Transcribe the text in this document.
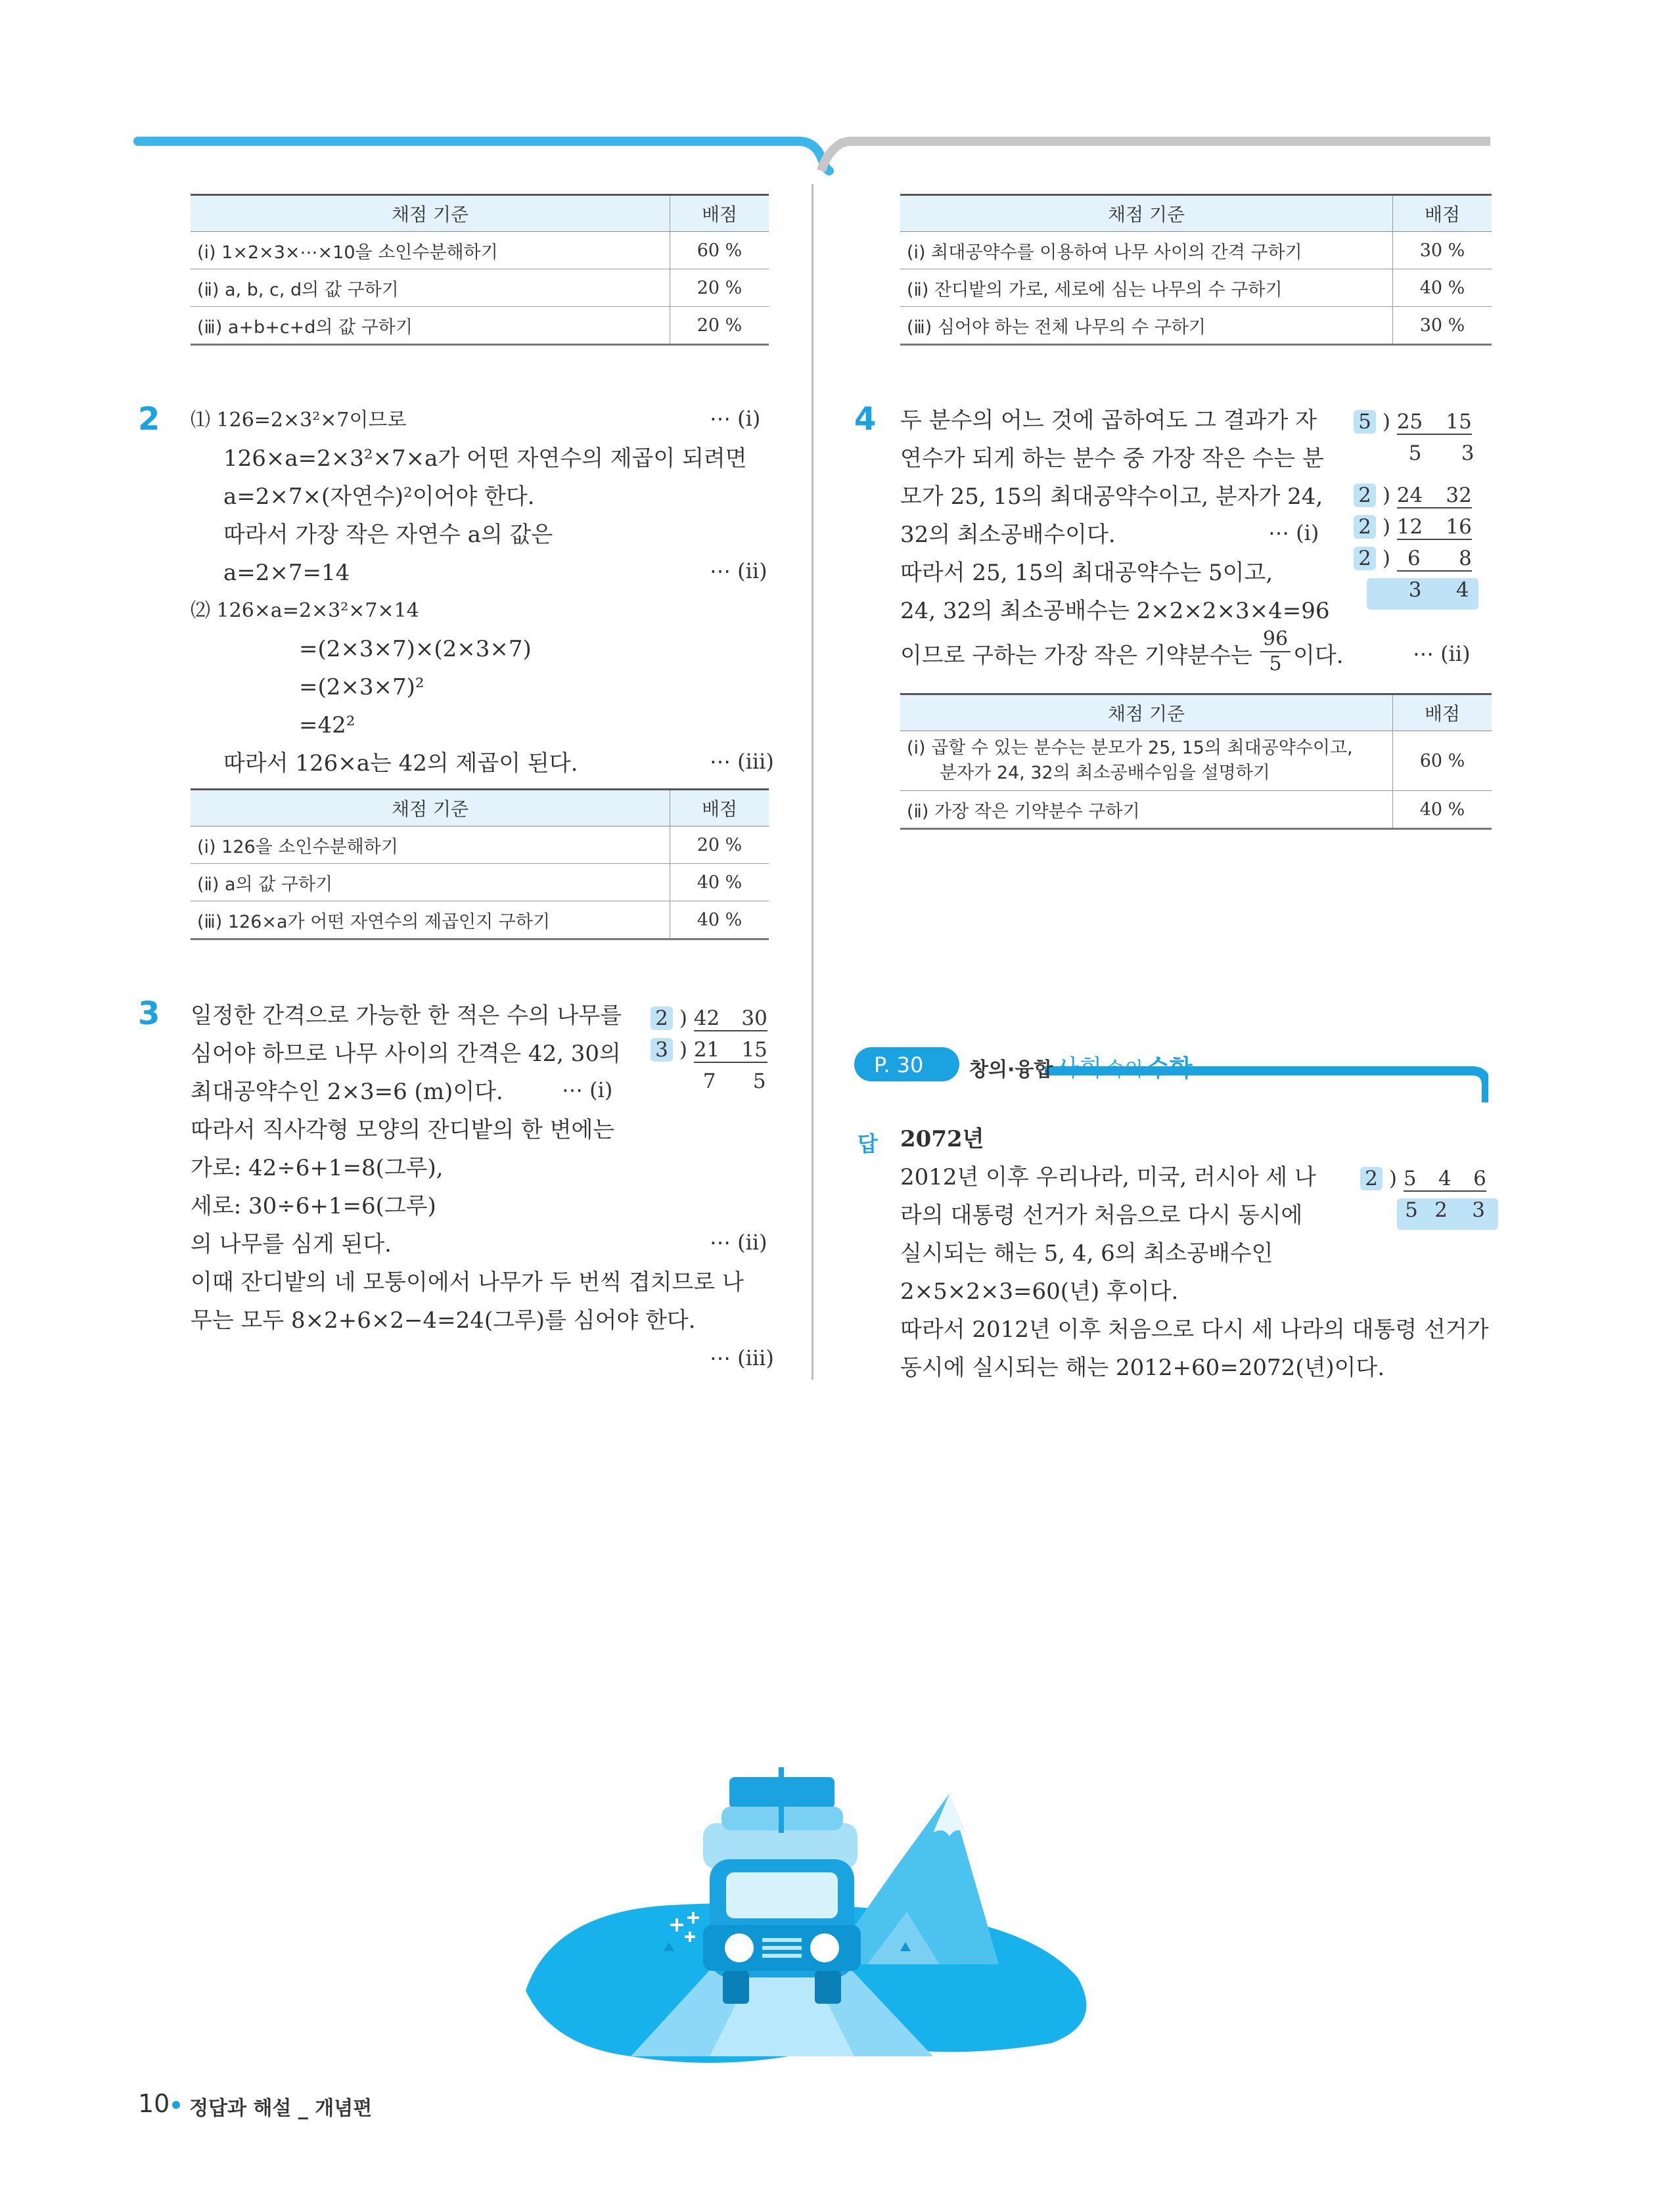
채점 기준	배점
(ⅰ) 1×2×3×⋯×10을 소인수분해하기	60 %
(ⅱ) a, b, c, d의 값 구하기	20 %
(ⅲ) a+b+c+d의 값 구하기	20 %
2 ⑴ 126=2×3²×7이므로	⋯ (ⅰ)
126×a=2×3²×7×a가 어떤 자연수의 제곱이 되려면
a=2×7×(자연수)²이어야 한다.
따라서 가장 작은 자연수 a의 값은
a=2×7=14	⋯ (ⅱ)
⑵ 126×a=2×3²×7×14
=(2×3×7)×(2×3×7)
=(2×3×7)²
=42²
따라서 126×a는 42의 제곱이 된다.	⋯ (ⅲ)
채점 기준	배점
(ⅰ) 126을 소인수분해하기	20 %
(ⅱ) a의 값 구하기	40 %
(ⅲ) 126×a가 어떤 자연수의 제곱인지 구하기	40 %
3 일정한 간격으로 가능한 한 적은 수의 나무를
심어야 하므로 나무 사이의 간격은 42, 30의
최대공약수인 2×3=6 (m)이다.	⋯ (ⅰ)
따라서 직사각형 모양의 잔디밭의 한 변에는
가로: 42÷6+1=8(그루),
세로: 30÷6+1=6(그루)
의 나무를 심게 된다.	⋯ (ⅱ)
이때 잔디밭의 네 모퉁이에서 나무가 두 번씩 겹치므로 나
무는 모두 8×2+6×2−4=24(그루)를 심어야 한다.
⋯ (ⅲ)
2 ) 42 30
3 ) 21 15
7 5
채점 기준	배점
(ⅰ) 최대공약수를 이용하여 나무 사이의 간격 구하기	30 %
(ⅱ) 잔디밭의 가로, 세로에 심는 나무의 수 구하기	40 %
(ⅲ) 심어야 하는 전체 나무의 수 구하기	30 %
4 두 분수의 어느 것에 곱하여도 그 결과가 자
연수가 되게 하는 분수 중 가장 작은 수는 분
모가 25, 15의 최대공약수이고, 분자가 24,
32의 최소공배수이다.	⋯ (ⅰ)
따라서 25, 15의 최대공약수는 5이고,
24, 32의 최소공배수는 2×2×2×3×4=96
이므로 구하는 가장 작은 기약분수는
96
5 이다.	⋯ (ⅱ)
5 ) 25 15
5 3
2 ) 24 32
2 ) 12 16
2 ) 6 8
3 4
채점 기준	배점

(ⅰ) 곱할 수 있는 분수는 분모가 25, 15의 최대공약수이고,
분자가 24, 32의 최소공배수임을 설명하기	60 %
(ⅱ) 가장 작은 기약분수 구하기	40 %
P. 30 창의·융합 사회 속의 수학
답 2072년
2012년 이후 우리나라, 미국, 러시아 세 나
라의 대통령 선거가 처음으로 다시 동시에
실시되는 해는 5, 4, 6의 최소공배수인
2×5×2×3=60(년) 후이다.
따라서 2012년 이후 처음으로 다시 세 나라의 대통령 선거가
동시에 실시되는 해는 2012+60=2072(년)이다.
2 ) 5 4 6
5 2 3
10 정답과 해설 _ 개념편
